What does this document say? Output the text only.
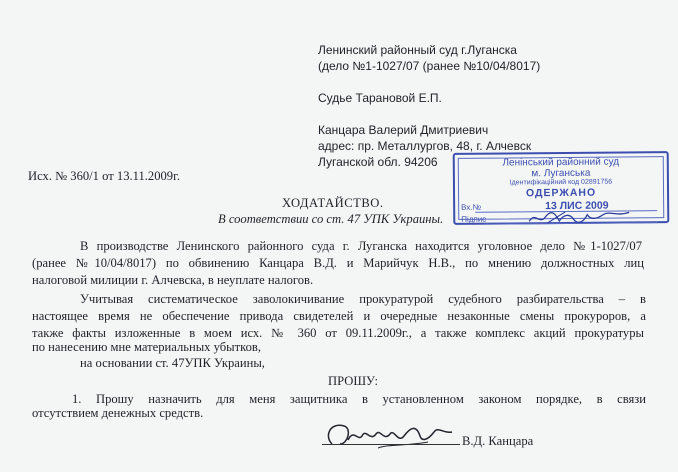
Ленинский районный суд г.Луганска
(дело №1-1027/07 (ранее №10/04/8017)
Судье Тарановой Е.П.
Канцара Валерий Дмитриевич
адрес: пр. Металлургов, 48, г. Алчевск
Луганской обл. 94206
Исх. № 360/1 от 13.11.2009г.
Ленінський районний суд
м. Луганська
Ідентифікаційний код 02891756
ОДЕРЖАНО
Вх.№	13 ЛИС 2009
Підпис
ХОДАТАЙСТВО.
В соответствии со ст. 47 УПК Украины.
В производстве Ленинского районного суда г. Луганска находится уголовное дело №1-1027/07
(ранее №10/04/8017) по обвинению Канцара В.Д. и Марийчук Н.В., по мнению должностных лиц
налоговой милиции г. Алчевска, в неуплате налогов.
Учитывая систематическое заволокичивание прокуратурой судебного разбирательства – в
настоящее время не обеспечение привода свидетелей и очередные незаконные смены прокуроров, а
также факты изложенные в моем исх. № 360 от 09.11.2009г., а также комплекс акций прокуратуры
по нанесению мне материальных убытков,
на основании ст. 47УПК Украины,
ПРОШУ:
1. Прошу назначить для меня защитника в установленном законом порядке, в связи
отсутствием денежных средств.
В.Д. Канцара
